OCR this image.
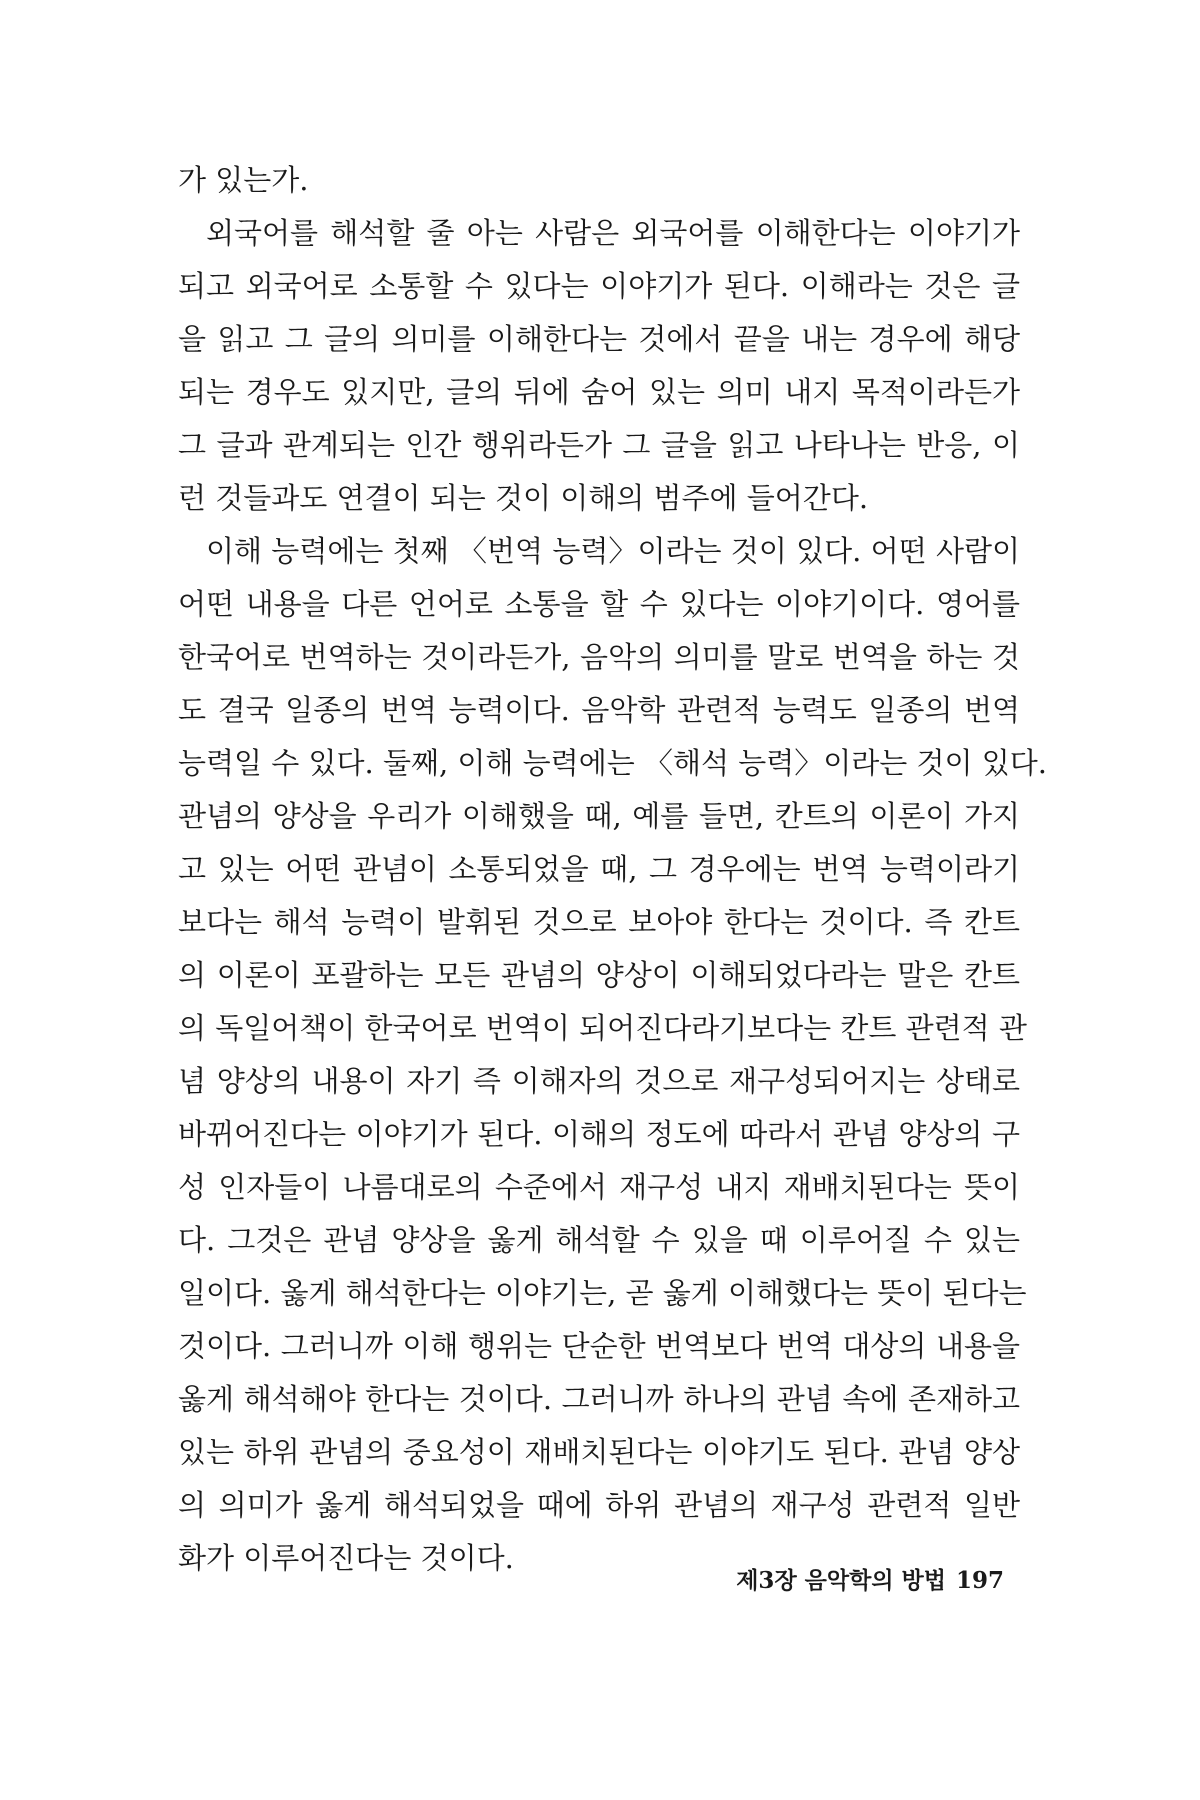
가 있는가.
외국어를 해석할 줄 아는 사람은 외국어를 이해한다는 이야기가
되고 외국어로 소통할 수 있다는 이야기가 된다. 이해라는 것은 글
을 읽고 그 글의 의미를 이해한다는 것에서 끝을 내는 경우에 해당
되는 경우도 있지만, 글의 뒤에 숨어 있는 의미 내지 목적이라든가
그 글과 관계되는 인간 행위라든가 그 글을 읽고 나타나는 반응, 이
런 것들과도 연결이 되는 것이 이해의 범주에 들어간다.
이해 능력에는 첫째 〈번역 능력〉이라는 것이 있다. 어떤 사람이
어떤 내용을 다른 언어로 소통을 할 수 있다는 이야기이다. 영어를
한국어로 번역하는 것이라든가, 음악의 의미를 말로 번역을 하는 것
도 결국 일종의 번역 능력이다. 음악학 관련적 능력도 일종의 번역
능력일 수 있다. 둘째, 이해 능력에는 〈해석 능력〉이라는 것이 있다.
관념의 양상을 우리가 이해했을 때, 예를 들면, 칸트의 이론이 가지
고 있는 어떤 관념이 소통되었을 때, 그 경우에는 번역 능력이라기
보다는 해석 능력이 발휘된 것으로 보아야 한다는 것이다. 즉 칸트
의 이론이 포괄하는 모든 관념의 양상이 이해되었다라는 말은 칸트
의 독일어책이 한국어로 번역이 되어진다라기보다는 칸트 관련적 관
념 양상의 내용이 자기 즉 이해자의 것으로 재구성되어지는 상태로
바뀌어진다는 이야기가 된다. 이해의 정도에 따라서 관념 양상의 구
성 인자들이 나름대로의 수준에서 재구성 내지 재배치된다는 뜻이
다. 그것은 관념 양상을 옳게 해석할 수 있을 때 이루어질 수 있는
일이다. 옳게 해석한다는 이야기는, 곧 옳게 이해했다는 뜻이 된다는
것이다. 그러니까 이해 행위는 단순한 번역보다 번역 대상의 내용을
옳게 해석해야 한다는 것이다. 그러니까 하나의 관념 속에 존재하고
있는 하위 관념의 중요성이 재배치된다는 이야기도 된다. 관념 양상
의 의미가 옳게 해석되었을 때에 하위 관념의 재구성 관련적 일반
화가 이루어진다는 것이다.
제3장 음악학의 방법 197
